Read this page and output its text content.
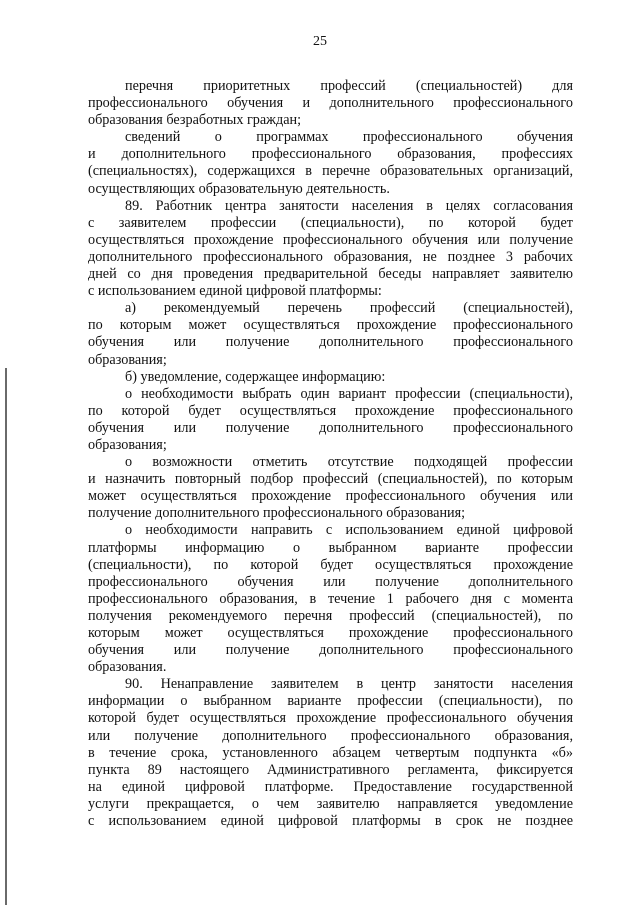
25

перечня приоритетных профессий (специальностей) для
профессионального обучения и дополнительного профессионального
образования безработных граждан;

сведений о программах профессионального обучения
и дополнительного профессионального образования, профессиях
(специальностях), содержащихся в перечне образовательных организаций,
осуществляющих образовательную деятельность.

89. Работник центра занятости населения в целях согласования
с заявителем профессии (специальности), по которой будет
осуществляться прохождение профессионального обучения или получение
дополнительного профессионального образования, не позднее 3 рабочих
дней со дня проведения предварительной беседы направляет заявителю
с использованием единой цифровой платформы:

а) рекомендуемый перечень профессий (специальностей),
по которым может осуществляться прохождение профессионального
обучения или получение дополнительного профессионального
образования;

б) уведомление, содержащее информацию:

о необходимости выбрать один вариант профессии (специальности),
по которой будет осуществляться прохождение профессионального
обучения или получение дополнительного профессионального
образования;

о возможности отметить отсутствие подходящей профессии
и назначить повторный подбор профессий (специальностей), по которым
может осуществляться прохождение профессионального обучения или
получение дополнительного профессионального образования;

о необходимости направить с использованием единой цифровой
платформы информацию о выбранном варианте профессии
(специальности), по которой будет осуществляться прохождение
профессионального обучения или получение дополнительного
профессионального образования, в течение 1 рабочего дня с момента
получения рекомендуемого перечня профессий (специальностей), по
которым может осуществляться прохождение профессионального
обучения или получение дополнительного профессионального
образования.

90. Ненаправление заявителем в центр занятости населения
информации о выбранном варианте профессии (специальности), по
которой будет осуществляться прохождение профессионального обучения
или получение дополнительного профессионального образования,
в течение срока, установленного абзацем четвертым подпункта «б»
пункта 89 настоящего Административного регламента, фиксируется
на единой цифровой платформе. Предоставление государственной
услуги прекращается, о чем заявителю направляется уведомление
с использованием единой цифровой платформы в срок не позднее
